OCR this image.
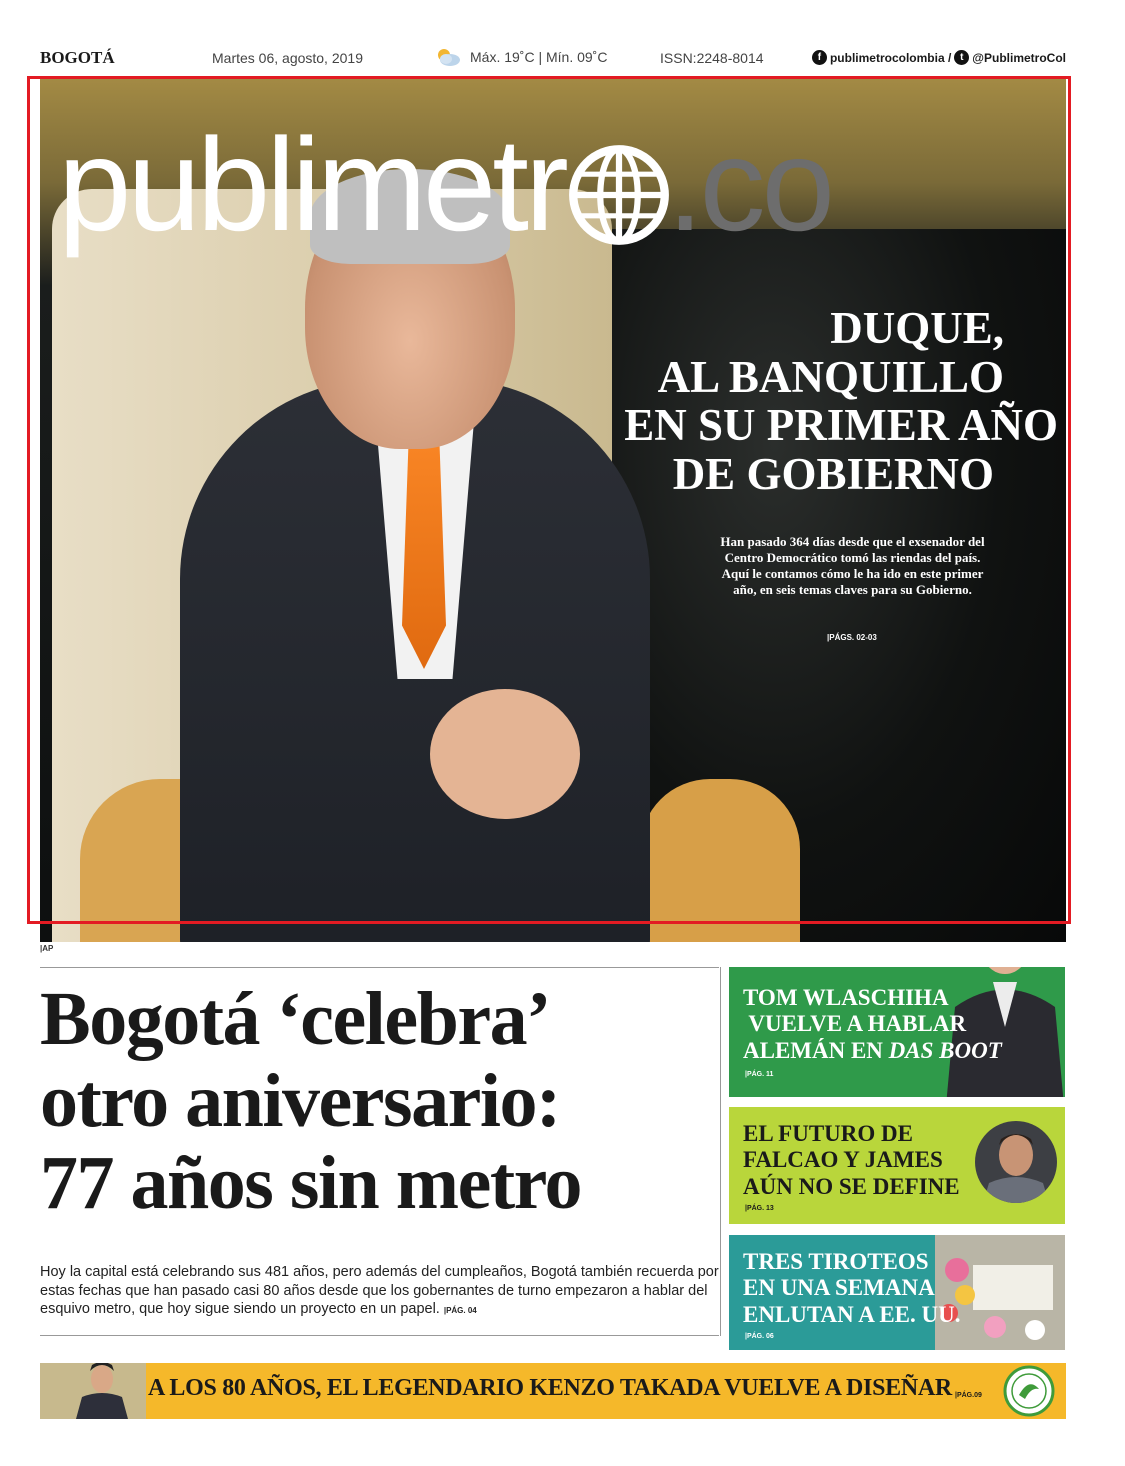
BOGOTÁ	Martes 06, agosto, 2019	Máx. 19˚C | Mín. 09˚C	ISSN:2248-8014	f publimetrocolombia / t @PublimetroCol
publimetr .co
DUQUE,
AL BANQUILLO
EN SU PRIMER AÑO
DE GOBIERNO
Han pasado 364 días desde que el exsenador del Centro Democrático tomó las riendas del país. Aquí le contamos cómo le ha ido en este primer año, en seis temas claves para su Gobierno.
|PÁGS. 02-03
|AP
Bogotá ‘celebra’
otro aniversario:
77 años sin metro
Hoy la capital está celebrando sus 481 años, pero además del cumpleaños, Bogotá también recuerda por estas fechas que han pasado casi 80 años desde que los gobernantes de turno empezaron a hablar del esquivo metro, que hoy sigue siendo un proyecto en un papel. |PÁG. 04
TOM WLASCHIHA
VUELVE A HABLAR
ALEMÁN EN DAS BOOT
|PÁG. 11
EL FUTURO DE
FALCAO Y JAMES
AÚN NO SE DEFINE
|PÁG. 13
TRES TIROTEOS
EN UNA SEMANA
ENLUTAN A EE. UU.
|PÁG. 06
A LOS 80 AÑOS, EL LEGENDARIO KENZO TAKADA VUELVE A DISEÑAR |PÁG.09
